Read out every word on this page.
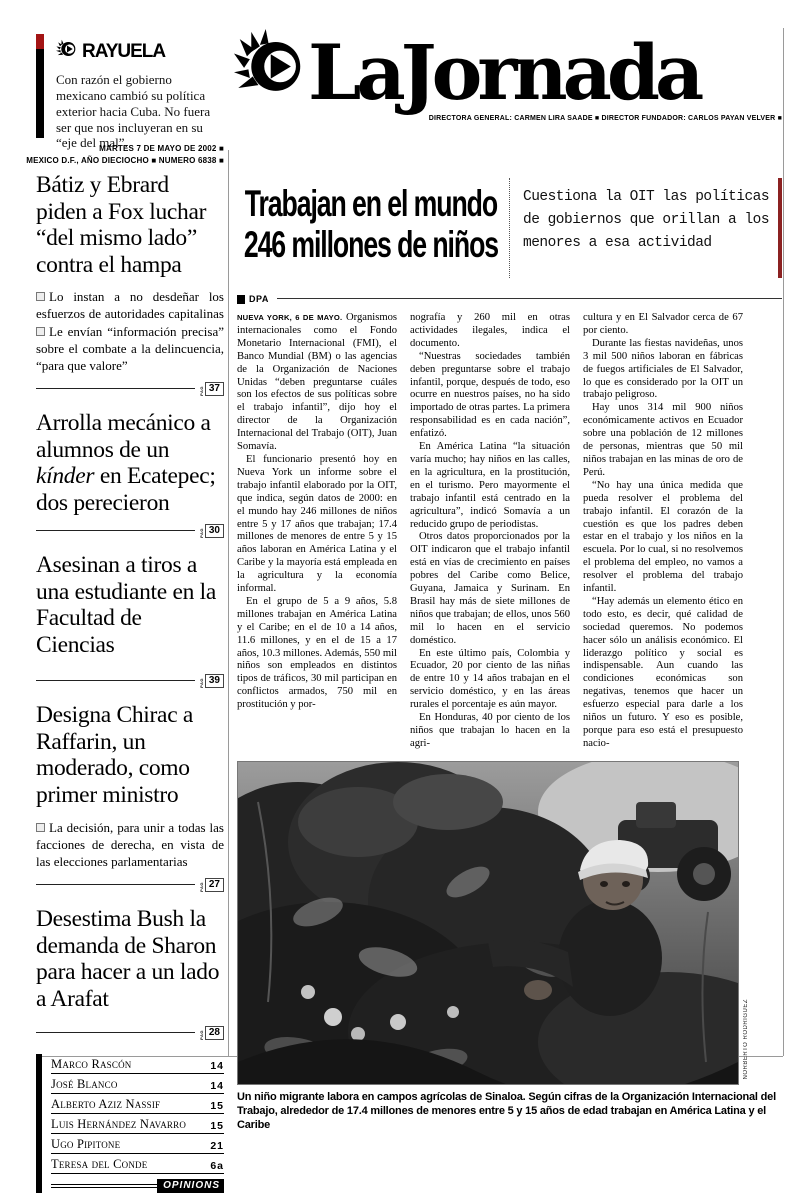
RAYUELA
Con razón el gobierno mexicano cambió su política exterior hacia Cuba. No fuera ser que nos incluyeran en su “eje del mal”.
MARTES 7 DE MAYO DE 2002 ■
MEXICO D.F., AÑO DIECIOCHO ■ NUMERO 6838 ■
LaJornada
DIRECTORA GENERAL: CARMEN LIRA SAADE ■ DIRECTOR FUNDADOR: CARLOS PAYAN VELVER ■
Bátiz y Ebrard piden a Fox luchar “del mismo lado” contra el hampa
Lo instan a no desdeñar los esfuerzos de autoridades capitalinas Le envían “información precisa” sobre el combate a la delincuencia, “para que valore”
PAG 37
Arrolla mecánico a alumnos de un kínder en Ecatepec; dos perecieron
PAG 30
Asesinan a tiros a una estudiante en la Facultad de Ciencias
PAG 39
Designa Chirac a Raffarin, un moderado, como primer ministro
La decisión, para unir a todas las facciones de derecha, en vista de las elecciones parlamentarias
PAG 27
Desestima Bush la demanda de Sharon para hacer a un lado a Arafat
PAG 28
Marco Rascón	14
José Blanco	14
Alberto Aziz Nassif	15
Luis Hernández Navarro 15
Ugo Pipitone	21
Teresa del Conde	6a
OPINIONS
Trabajan en el mundo
246 millones de niños
Cuestiona la OIT las políticas de gobiernos que orillan a los menores a esa actividad
DPA

NUEVA YORK, 6 DE MAYO. Organismos internacionales como el Fondo Monetario Internacional (FMI), el Banco Mundial (BM) o las agencias de la Organización de Naciones Unidas “deben preguntarse cuáles son los efectos de sus políticas sobre el trabajo infantil”, dijo hoy el director de la Organización Internacional del Trabajo (OIT), Juan Somavía.

El funcionario presentó hoy en Nueva York un informe sobre el trabajo infantil elaborado por la OIT, que indica, según datos de 2000: en el mundo hay 246 millones de niños entre 5 y 17 años que trabajan; 17.4 millones de menores de entre 5 y 15 años laboran en América Latina y el Caribe y la mayoría está empleada en la agricultura y la economía informal.

En el grupo de 5 a 9 años, 5.8 millones trabajan en América Latina y el Caribe; en el de 10 a 14 años, 11.6 millones, y en el de 15 a 17 años, 10.3 millones. Además, 550 mil niños son empleados en distintos tipos de tráficos, 30 mil participan en conflictos armados, 750 mil en prostitución y por-

nografía y 260 mil en otras actividades ilegales, indica el documento.

“Nuestras sociedades también deben preguntarse sobre el trabajo infantil, porque, después de todo, eso ocurre en nuestros países, no ha sido importado de otras partes. La primera responsabilidad es en cada nación”, enfatizó.

En América Latina “la situación varía mucho; hay niños en las calles, en la agricultura, en la prostitución, en el turismo. Pero mayormente el trabajo infantil está centrado en la agricultura”, indicó Somavía a un reducido grupo de periodistas.

Otros datos proporcionados por la OIT indicaron que el trabajo infantil está en vías de crecimiento en países pobres del Caribe como Belice, Guyana, Jamaica y Surinam. En Brasil hay más de siete millones de niños que trabajan; de ellos, unos 560 mil lo hacen en el servicio doméstico.

En este último país, Colombia y Ecuador, 20 por ciento de las niñas de entre 10 y 14 años trabajan en el servicio doméstico, y en las áreas rurales el porcentaje es aún mayor.

En Honduras, 40 por ciento de los niños que trabajan lo hacen en la agri-

cultura y en El Salvador cerca de 67 por ciento.

Durante las fiestas navideñas, unos 3 mil 500 niños laboran en fábricas de fuegos artificiales de El Salvador, lo que es considerado por la OIT un trabajo peligroso.

Hay unos 314 mil 900 niños económicamente activos en Ecuador sobre una población de 12 millones de personas, mientras que 50 mil niños trabajan en las minas de oro de Perú.

“No hay una única medida que pueda resolver el problema del trabajo infantil. El corazón de la cuestión es que los padres deben estar en el trabajo y los niños en la escuela. Por lo cual, si no resolvemos el problema del empleo, no vamos a resolver el problema del trabajo infantil.

“Hay además un elemento ético en todo esto, es decir, qué calidad de sociedad queremos. No podemos hacer sólo un análisis económico. El liderazgo político y social es indispensable. Aun cuando las condiciones económicas son negativas, tenemos que hacer un esfuerzo especial para darle a los niños un futuro. Y eso es posible, porque para eso está el presupuesto nacio-

NORBERTO RODRIGUEZ
Un niño migrante labora en campos agrícolas de Sinaloa. Según cifras de la Organización Internacional del Trabajo, alrededor de 17.4 millones de menores entre 5 y 15 años de edad trabajan en América Latina y el Caribe
